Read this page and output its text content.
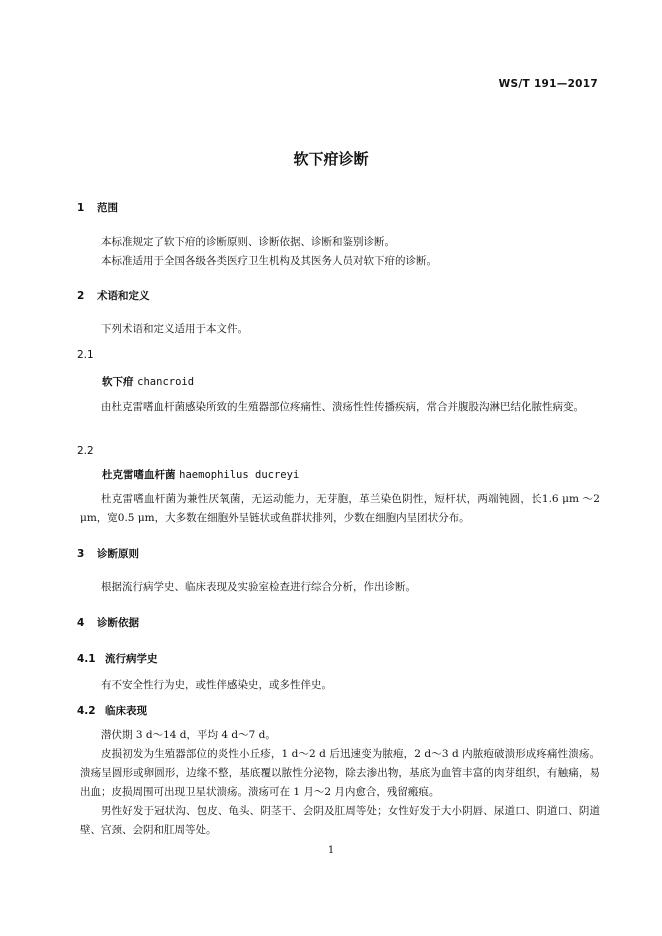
WS/T 191—2017
软下疳诊断
1 范围
本标准规定了软下疳的诊断原则、诊断依据、诊断和鉴别诊断。
本标准适用于全国各级各类医疗卫生机构及其医务人员对软下疳的诊断。
2 术语和定义
下列术语和定义适用于本文件。
2.1
软下疳 chancroid
由杜克雷嗜血杆菌感染所致的生殖器部位疼痛性、溃疡性性传播疾病，常合并腹股沟淋巴结化脓性病变。
2.2
杜克雷嗜血杆菌 haemophilus ducreyi
杜克雷嗜血杆菌为兼性厌氧菌，无运动能力，无芽胞，革兰染色阴性，短杆状，两端钝圆，长1.6 μm ～2 μm，宽0.5 μm，大多数在细胞外呈链状或鱼群状排列，少数在细胞内呈团状分布。
3 诊断原则
根据流行病学史、临床表现及实验室检查进行综合分析，作出诊断。
4 诊断依据
4.1 流行病学史
有不安全性行为史，或性伴感染史，或多性伴史。
4.2 临床表现
潜伏期 3 d～14 d，平均 4 d～7 d。
皮损初发为生殖器部位的炎性小丘疹，1 d～2 d 后迅速变为脓疱，2 d～3 d 内脓疱破溃形成疼痛性溃疡。溃疡呈圆形或卵圆形，边缘不整，基底覆以脓性分泌物，除去渗出物，基底为血管丰富的肉芽组织，有触痛，易出血；皮损周围可出现卫星状溃疡。溃疡可在 1 月～2 月内愈合，残留瘢痕。
男性好发于冠状沟、包皮、龟头、阴茎干、会阴及肛周等处；女性好发于大小阴唇、尿道口、阴道口、阴道壁、宫颈、会阴和肛周等处。
1
